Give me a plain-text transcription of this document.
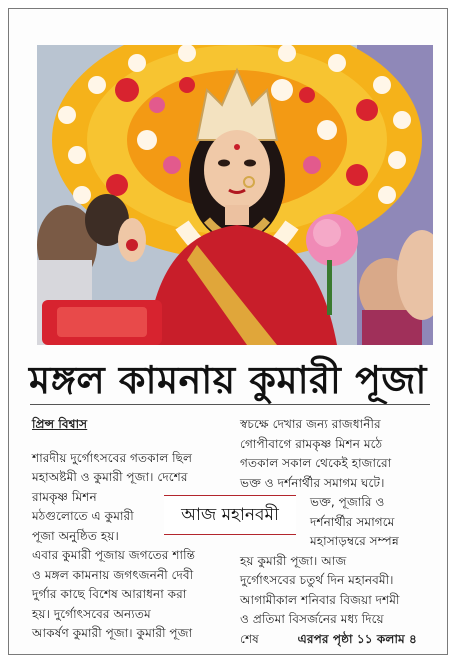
মঙ্গল কামনায় কুমারী পূজা

প্রিন্স বিশ্বাস

শারদীয় দুর্গোৎসবের গতকাল ছিল
মহাঅষ্টমী ও কুমারী পূজা। দেশের
রামকৃষ্ণ মিশন
মঠগুলোতে এ কুমারী
পূজা অনুষ্ঠিত হয়।
এবার কুমারী পূজায় জগতের শান্তি
ও মঙ্গল কামনায় জগৎজননী দেবী
দুর্গার কাছে বিশেষ আরাধনা করা
হয়। দুর্গোৎসবের অন্যতম
আকর্ষণ কুমারী পূজা। কুমারী পূজা
স্বচক্ষে দেখার জন্য রাজধানীর
গোপীবাগে রামকৃষ্ণ মিশন মঠে
গতকাল সকাল থেকেই হাজারো
ভক্ত ও দর্শনার্থীর সমাগম ঘটে।
ভক্ত, পূজারি ও
দর্শনার্থীর সমাগমে
মহাসাড়ম্বরে সম্পন্ন
হয় কুমারী পূজা। আজ
দুর্গোৎসবের চতুর্থ দিন মহানবমী।
আগামীকাল শনিবার বিজয়া দশমী
ও প্রতিমা বিসর্জনের মধ্য দিয়ে
শেষ	এরপর পৃষ্ঠা ১১ কলাম ৪
আজ মহানবমী
